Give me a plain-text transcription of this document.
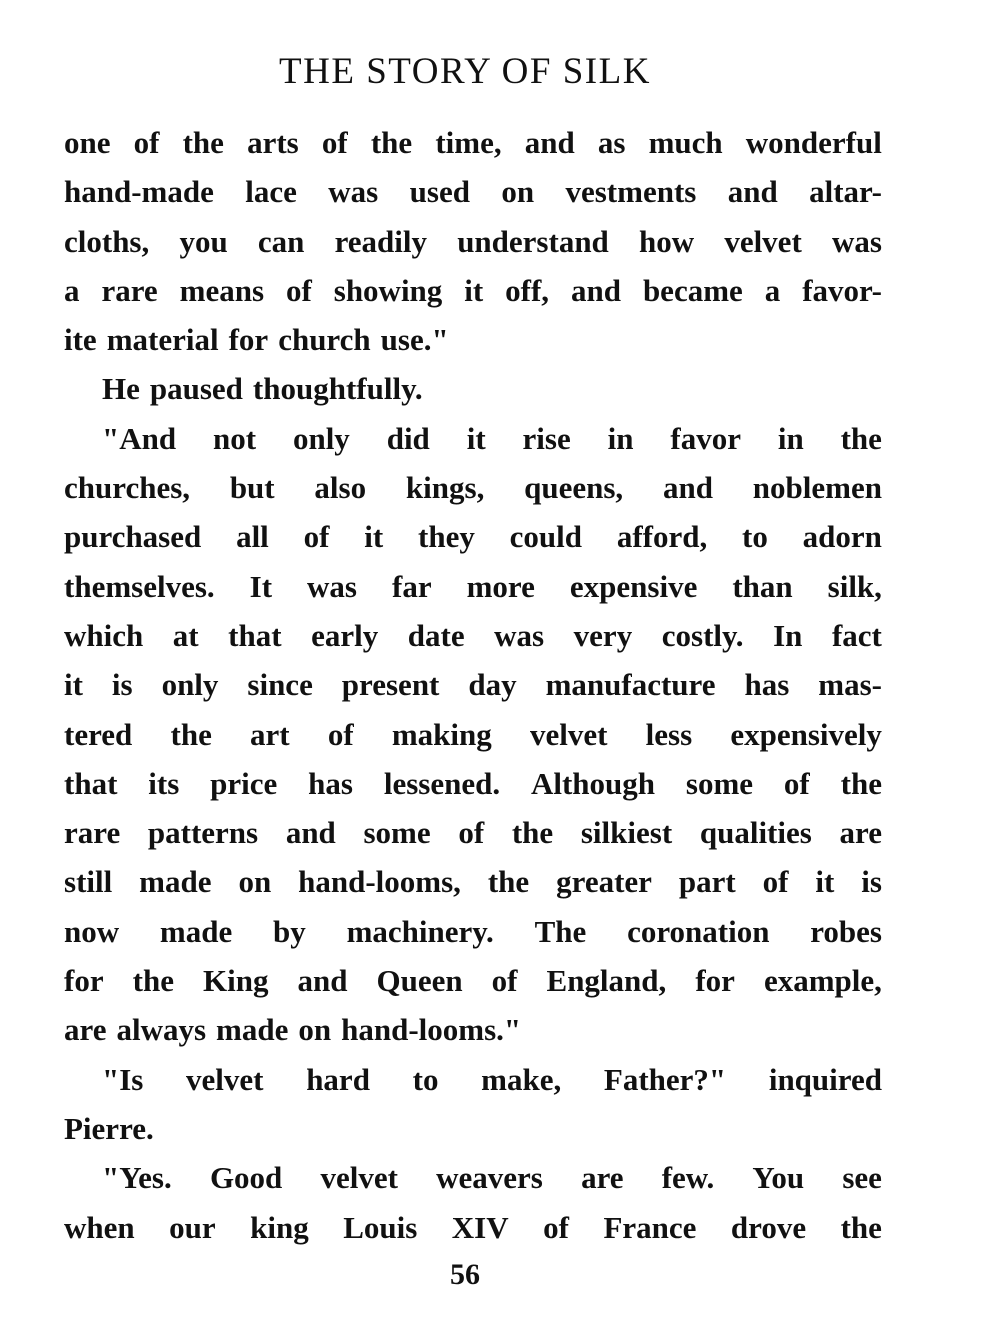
THE STORY OF SILK
one of the arts of the time, and as much wonderful
hand-made lace was used on vestments and altar-
cloths, you can readily understand how velvet was
a rare means of showing it off, and became a favor-
ite material for church use."
He paused thoughtfully.
"And not only did it rise in favor in the
churches, but also kings, queens, and noblemen
purchased all of it they could afford, to adorn
themselves. It was far more expensive than silk,
which at that early date was very costly. In fact
it is only since present day manufacture has mas-
tered the art of making velvet less expensively
that its price has lessened. Although some of the
rare patterns and some of the silkiest qualities are
still made on hand-looms, the greater part of it is
now made by machinery. The coronation robes
for the King and Queen of England, for example,
are always made on hand-looms."
"Is velvet hard to make, Father?" inquired
Pierre.
"Yes. Good velvet weavers are few. You see
when our king Louis XIV of France drove the
56
